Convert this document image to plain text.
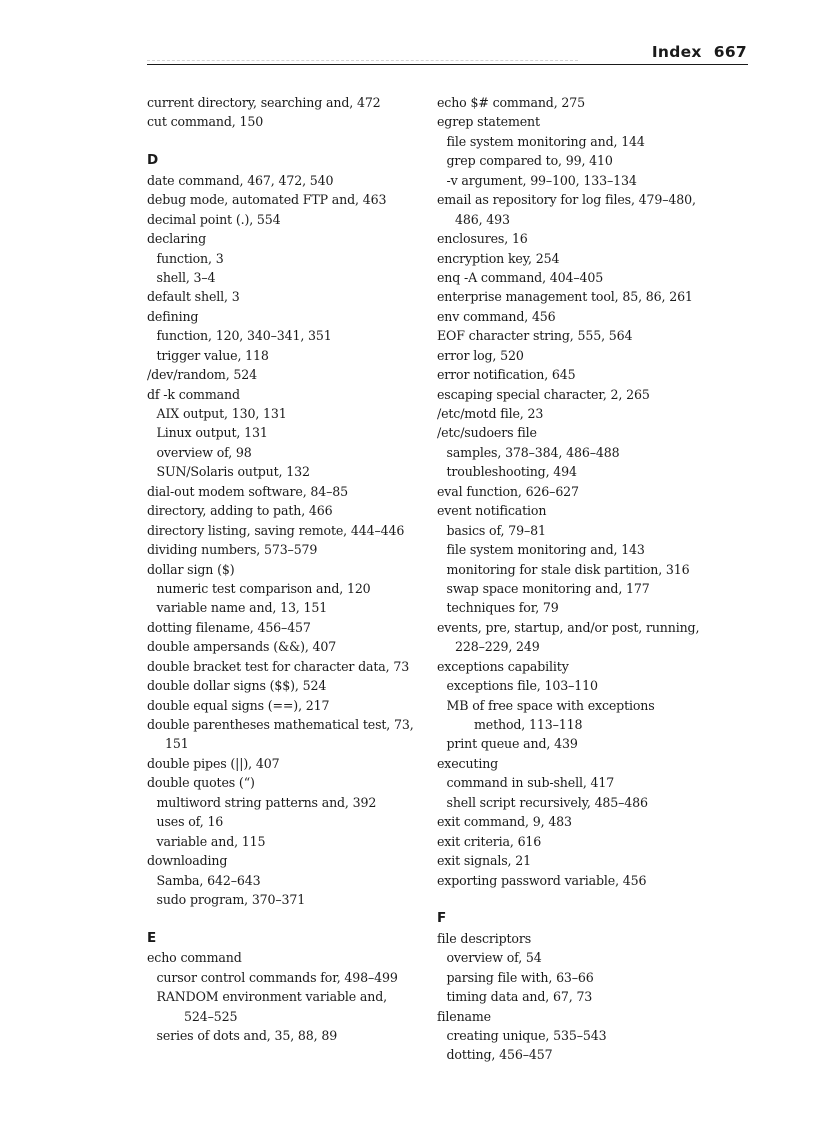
Index 667
current directory, searching and, 472
cut command, 150
D
date command, 467, 472, 540
debug mode, automated FTP and, 463
decimal point (.), 554
declaring
function, 3
shell, 3–4
default shell, 3
defining
function, 120, 340–341, 351
trigger value, 118
/dev/random, 524
df -k command
AIX output, 130, 131
Linux output, 131
overview of, 98
SUN/Solaris output, 132
dial-out modem software, 84–85
directory, adding to path, 466
directory listing, saving remote, 444–446
dividing numbers, 573–579
dollar sign ($)
numeric test comparison and, 120
variable name and, 13, 151
dotting filename, 456–457
double ampersands (&&), 407
double bracket test for character data, 73
double dollar signs ($$), 524
double equal signs (==), 217
double parentheses mathematical test, 73,
151
double pipes (||), 407
double quotes (“)
multiword string patterns and, 392
uses of, 16
variable and, 115
downloading
Samba, 642–643
sudo program, 370–371
E
echo command
cursor control commands for, 498–499
RANDOM environment variable and,
524–525
series of dots and, 35, 88, 89
echo $# command, 275
egrep statement
file system monitoring and, 144
grep compared to, 99, 410
-v argument, 99–100, 133–134
email as repository for log files, 479–480,
486, 493
enclosures, 16
encryption key, 254
enq -A command, 404–405
enterprise management tool, 85, 86, 261
env command, 456
EOF character string, 555, 564
error log, 520
error notification, 645
escaping special character, 2, 265
/etc/motd file, 23
/etc/sudoers file
samples, 378–384, 486–488
troubleshooting, 494
eval function, 626–627
event notification
basics of, 79–81
file system monitoring and, 143
monitoring for stale disk partition, 316
swap space monitoring and, 177
techniques for, 79
events, pre, startup, and/or post, running,
228–229, 249
exceptions capability
exceptions file, 103–110
MB of free space with exceptions
method, 113–118
print queue and, 439
executing
command in sub-shell, 417
shell script recursively, 485–486
exit command, 9, 483
exit criteria, 616
exit signals, 21
exporting password variable, 456
F
file descriptors
overview of, 54
parsing file with, 63–66
timing data and, 67, 73
filename
creating unique, 535–543
dotting, 456–457
